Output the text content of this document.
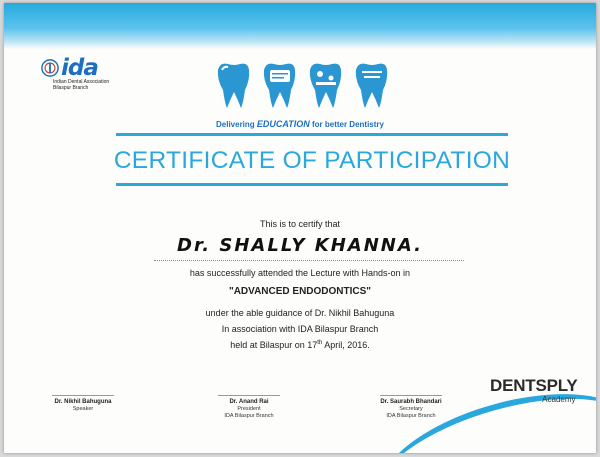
ida
Indian Dental Association
Bilaspur Branch
Delivering EDUCATION for better Dentistry
CERTIFICATE OF PARTICIPATION
This is to certify that
Dr. SHALLY KHANNA.
has successfully attended the Lecture with Hands-on in
"ADVANCED ENDODONTICS"
under the able guidance of Dr. Nikhil Bahuguna
In association with IDA Bilaspur Branch
held at Bilaspur on 17th April, 2016.
Dr. Nikhil Bahuguna
Speaker
Dr. Anand Rai
President
IDA Bilaspur Branch
Dr. Saurabh Bhandari
Secretary
IDA Bilaspur Branch
DENTSPLY
Academy
